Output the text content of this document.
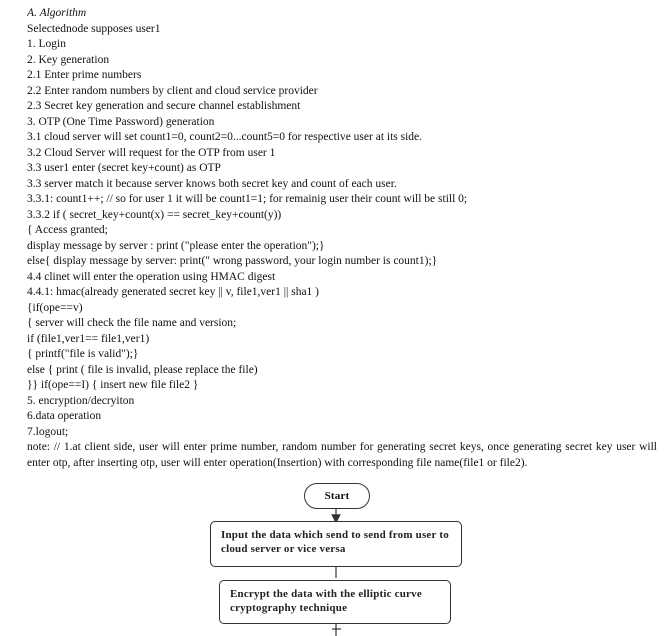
A. Algorithm
Selectednode supposes user1
1. Login
2. Key generation
2.1 Enter prime numbers
2.2 Enter random numbers by client and cloud service provider
2.3 Secret key generation and secure channel establishment
3. OTP (One Time Password) generation
3.1 cloud server will set count1=0, count2=0...count5=0 for respective user at its side.
3.2 Cloud Server will request for the OTP from user 1
3.3 user1 enter (secret key+count) as OTP
3.3 server match it because server knows both secret key and count of each user.
3.3.1: count1++; // so for user 1 it will be count1=1; for remainig user their count will be still 0;
3.3.2 if ( secret_key+count(x) == secret_key+count(y))
{ Access granted;
display message by server : print ("please enter the operation");}
else{ display message by server: print(" wrong password, your login number is count1);}
4.4 clinet will enter the operation using HMAC digest
4.4.1: hmac(already generated secret key || v, file1,ver1 || sha1 )
{if(ope==v)
{ server will check the file name and version;
if (file1,ver1== file1,ver1)
{ printf("file is valid");}
else { print ( file is invalid, please replace the file)
}} if(ope==I) { insert new file file2 }
5. encryption/decryiton
6.data operation
7.logout;
note: // 1.at client side, user will enter prime number, random number for generating secret keys, once generating secret key user will enter otp, after inserting otp, user will enter operation(Insertion) with corresponding file name(file1 or file2).
Start
Input the data which send to send from user to cloud server or vice versa
Encrypt the data with the elliptic curve cryptography technique
